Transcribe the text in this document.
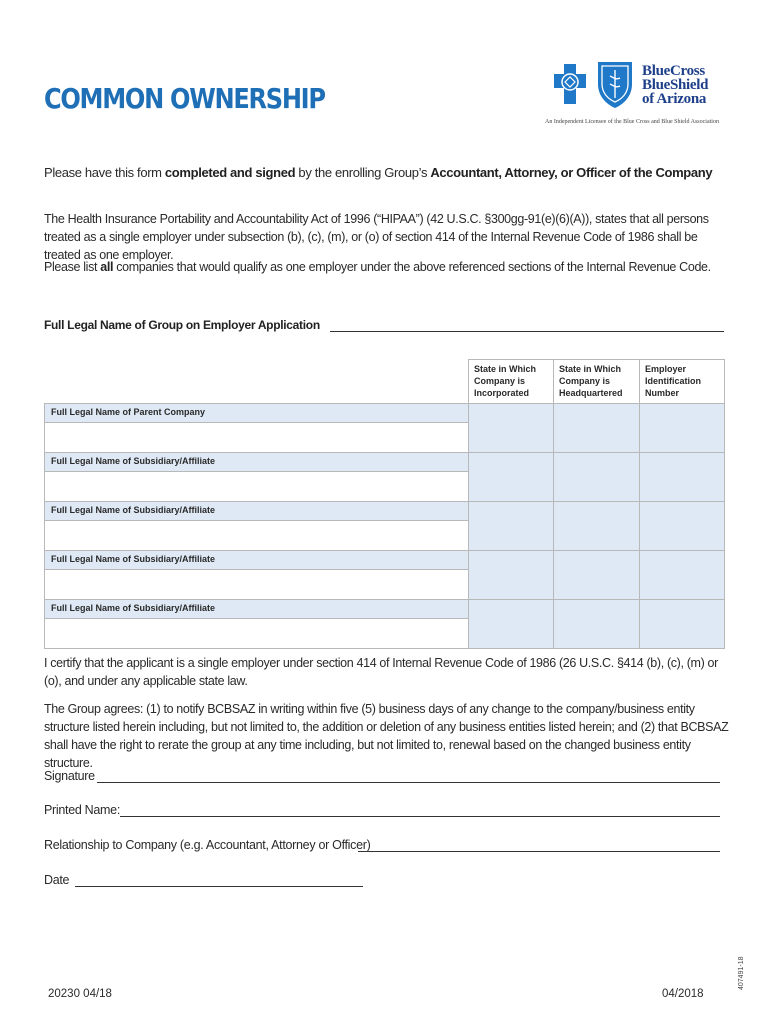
COMMON OWNERSHIP
BlueCross
BlueShield
of Arizona
An Independent Licensee of the Blue Cross and Blue Shield Association

Please have this form completed and signed by the enrolling Group’s Accountant, Attorney, or Officer of the Company

The Health Insurance Portability and Accountability Act of 1996 (“HIPAA”) (42 U.S.C. §300gg-91(e)(6)(A)), states that all persons treated as a single employer under subsection (b), (c), (m), or (o) of section 414 of the Internal Revenue Code of 1986 shall be treated as one employer.

Please list all companies that would qualify as one employer under the above referenced sections of the Internal Revenue Code.

Full Legal Name of Group on Employer Application
	State in Which Company is Incorporated	State in Which Company is Headquartered	Employer Identification Number
Full Legal Name of Parent Company			

Full Legal Name of Subsidiary/Affiliate			

Full Legal Name of Subsidiary/Affiliate			

Full Legal Name of Subsidiary/Affiliate			

Full Legal Name of Subsidiary/Affiliate			

I certify that the applicant is a single employer under section 414 of Internal Revenue Code of 1986 (26 U.S.C. §414 (b), (c), (m) or (o), and under any applicable state law.

The Group agrees: (1) to notify BCBSAZ in writing within five (5) business days of any change to the company/business entity structure listed herein including, but not limited to, the addition or deletion of any business entities listed herein; and (2) that BCBSAZ shall have the right to rerate the group at any time including, but not limited to, renewal based on the changed business entity structure.

Signature
Printed Name:
Relationship to Company (e.g. Accountant, Attorney or Officer)
Date
20230 04/18	04/2018
407491-18
